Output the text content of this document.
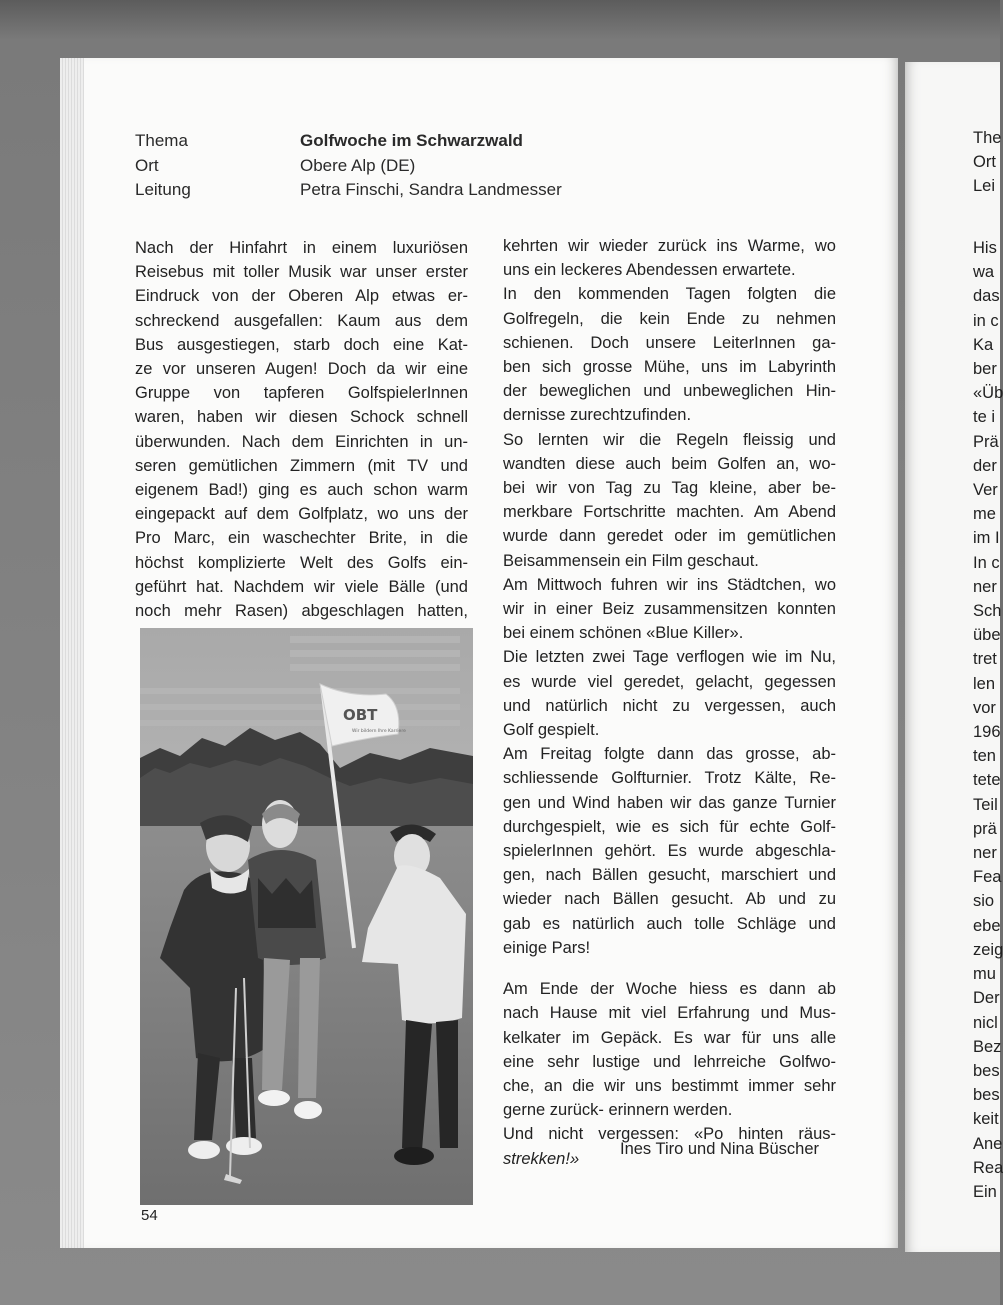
Thema
Ort
Leitung
Golfwoche im Schwarzwald
Obere Alp (DE)
Petra Finschi, Sandra Landmesser
Nach der Hinfahrt in einem luxuriösen
Reisebus mit toller Musik war unser erster
Eindruck von der Oberen Alp etwas er-
schreckend ausgefallen: Kaum aus dem
Bus ausgestiegen, starb doch eine Kat-
ze vor unseren Augen! Doch da wir eine
Gruppe von tapferen GolfspielerInnen
waren, haben wir diesen Schock schnell
überwunden. Nach dem Einrichten in un-
seren gemütlichen Zimmern (mit TV und
eigenem Bad!) ging es auch schon warm
eingepackt auf dem Golfplatz, wo uns der
Pro Marc, ein waschechter Brite, in die
höchst komplizierte Welt des Golfs ein-
geführt hat. Nachdem wir viele Bälle (und
noch mehr Rasen) abgeschlagen hatten,
OBT
Wir bildern Ihre Karriere
kehrten wir wieder zurück ins Warme, wo
uns ein leckeres Abendessen erwartete.
In den kommenden Tagen folgten die
Golfregeln, die kein Ende zu nehmen
schienen. Doch unsere LeiterInnen ga-
ben sich grosse Mühe, uns im Labyrinth
der beweglichen und unbeweglichen Hin-
dernisse zurechtzufinden.
So lernten wir die Regeln fleissig und
wandten diese auch beim Golfen an, wo-
bei wir von Tag zu Tag kleine, aber be-
merkbare Fortschritte machten. Am Abend
wurde dann geredet oder im gemütlichen
Beisammensein ein Film geschaut.
Am Mittwoch fuhren wir ins Städtchen, wo
wir in einer Beiz zusammensitzen konnten
bei einem schönen «Blue Killer».
Die letzten zwei Tage verflogen wie im Nu,
es wurde viel geredet, gelacht, gegessen
und natürlich nicht zu vergessen, auch
Golf gespielt.
Am Freitag folgte dann das grosse, ab-
schliessende Golfturnier. Trotz Kälte, Re-
gen und Wind haben wir das ganze Turnier
durchgespielt, wie es sich für echte Golf-
spielerInnen gehört. Es wurde abgeschla-
gen, nach Bällen gesucht, marschiert und
wieder nach Bällen gesucht. Ab und zu
gab es natürlich auch tolle Schläge und
einige Pars!
Am Ende der Woche hiess es dann ab
nach Hause mit viel Erfahrung und Mus-
kelkater im Gepäck. Es war für uns alle
eine sehr lustige und lehrreiche Golfwo-
che, an die wir uns bestimmt immer sehr
gerne zurück- erinnern werden.
Und nicht vergessen: «Po hinten räus-
strekken!»
Ines Tiro und Nina Büscher
54
The
Ort
Lei
His
wa
das
in c
Ka
ber
«Üb
te i
Prä
der
Ver
me
im I
In c
ner
Sch
übe
tret
len
vor
196
ten
tete
Teil
prä
ner
Fea
sio
ebe
zeig
mu
Der
nicl
Bez
bes
bes
keit
Ane
Rea
Ein
